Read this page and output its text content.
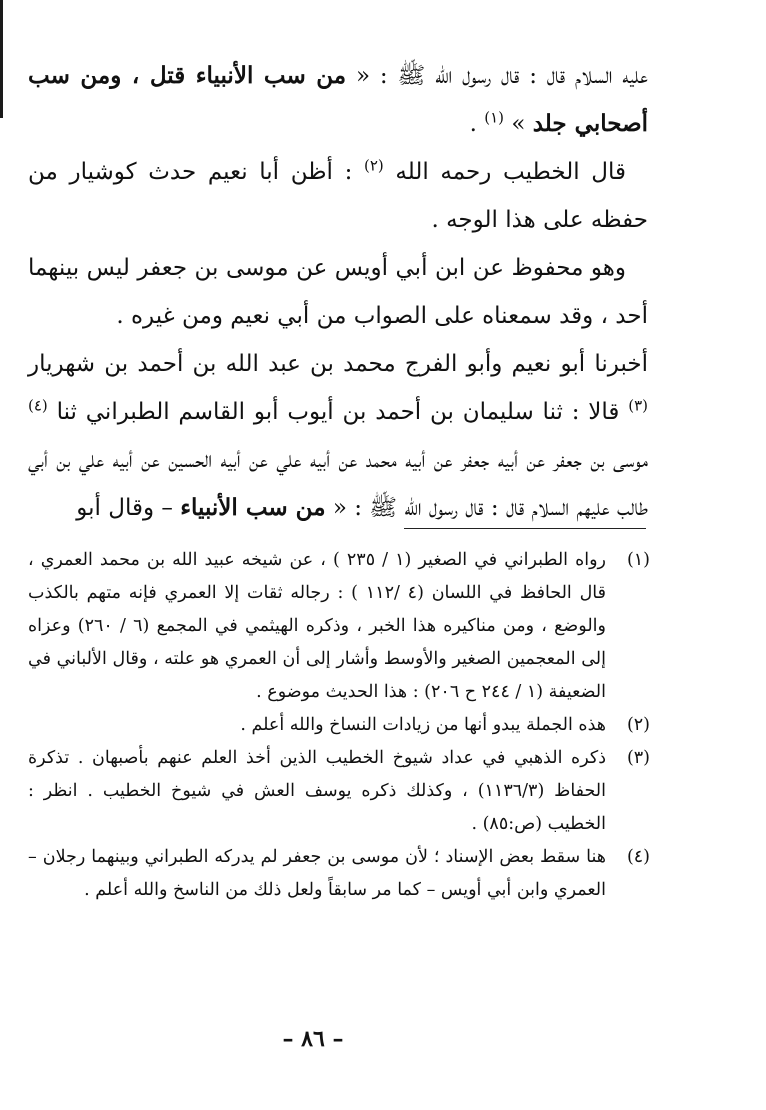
عليه السلام قال : قال رسول الله ﷺ : « من سب الأنبياء قتل ، ومن سب أصحابي جلد » $^{(١)}$ .

قال الخطيب رحمه الله $^{(٢)}$ : أظن أبا نعيم حدث كوشيار من حفظه على هذا الوجه .

وهو محفوظ عن ابن أبي أويس عن موسى بن جعفر ليس بينهما أحد ، وقد سمعناه على الصواب من أبي نعيم ومن غيره .

أخبرنا أبو نعيم وأبو الفرج محمد بن عبد الله بن أحمد بن شهريار $^{(٣)}$ قالا : ثنا سليمان بن أحمد بن أيوب أبو القاسم الطبراني ثنا $^{(٤)}$ موسى بن جعفر عن أبيه جعفر عن أبيه محمد عن أبيه علي عن أبيه الحسين عن أبيه علي بن أبي طالب عليهم السلام قال : قال رسول الله ﷺ : « من سب الأنبياء – وقال أبو

(١)
رواه الطبراني في الصغير (١ / ٢٣٥ ) ، عن شيخه عبيد الله بن محمد العمري ، قال الحافظ في اللسان (٤ /١١٢ ) : رجاله ثقات إلا العمري فإنه متهم بالكذب والوضع ، ومن مناكيره هذا الخبر ، وذكره الهيثمي في المجمع (٦ / ٢٦٠) وعزاه إلى المعجمين الصغير والأوسط وأشار إلى أن العمري هو علته ، وقال الألباني في الضعيفة (١ / ٢٤٤ ح ٢٠٦) : هذا الحديث موضوع .
(٢)
هذه الجملة يبدو أنها من زيادات النساخ والله أعلم .
(٣)
ذكره الذهبي في عداد شيوخ الخطيب الذين أخذ العلم عنهم بأصبهان . تذكرة الحفاظ (١١٣٦/٣) ، وكذلك ذكره يوسف العش في شيوخ الخطيب . انظر : الخطيب (ص:٨٥) .
(٤)
هنا سقط بعض الإسناد ؛ لأن موسى بن جعفر لم يدركه الطبراني وبينهما رجلان – العمري وابن أبي أويس – كما مر سابقاً ولعل ذلك من الناسخ والله أعلم .
– ٨٦ –
